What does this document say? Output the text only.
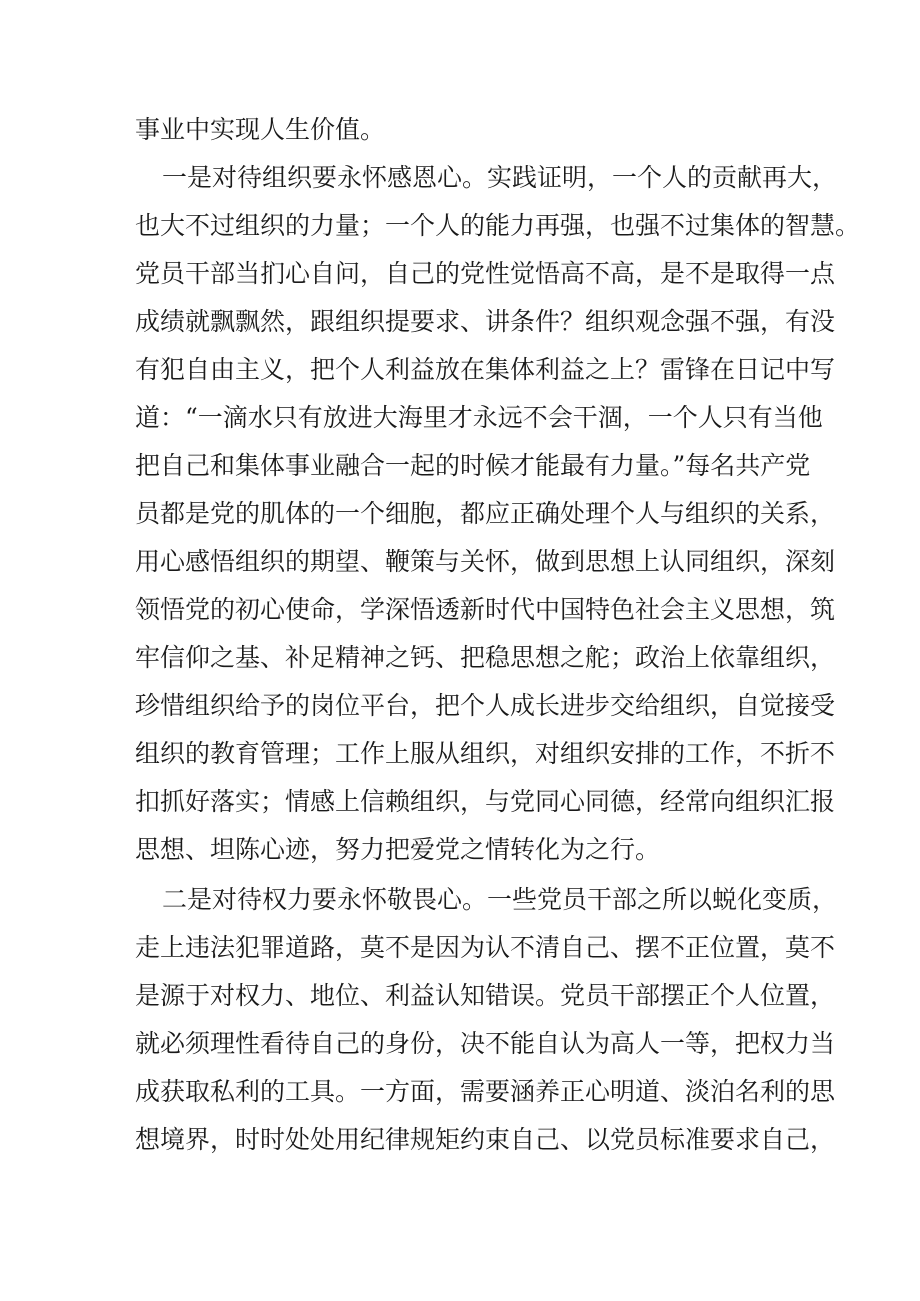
事业中实现人生价值。
一是对待组织要永怀感恩心。实践证明，一个人的贡献再大，
也大不过组织的力量；一个人的能力再强，也强不过集体的智慧。
党员干部当扪心自问，自己的党性觉悟高不高，是不是取得一点
成绩就飘飘然，跟组织提要求、讲条件？组织观念强不强，有没
有犯自由主义，把个人利益放在集体利益之上？雷锋在日记中写
道：“一滴水只有放进大海里才永远不会干涸，一个人只有当他
把自己和集体事业融合一起的时候才能最有力量。”每名共产党
员都是党的肌体的一个细胞，都应正确处理个人与组织的关系，
用心感悟组织的期望、鞭策与关怀，做到思想上认同组织，深刻
领悟党的初心使命，学深悟透新时代中国特色社会主义思想，筑
牢信仰之基、补足精神之钙、把稳思想之舵；政治上依靠组织，
珍惜组织给予的岗位平台，把个人成长进步交给组织，自觉接受
组织的教育管理；工作上服从组织，对组织安排的工作，不折不
扣抓好落实；情感上信赖组织，与党同心同德，经常向组织汇报
思想、坦陈心迹，努力把爱党之情转化为之行。
二是对待权力要永怀敬畏心。一些党员干部之所以蜕化变质，
走上违法犯罪道路，莫不是因为认不清自己、摆不正位置，莫不
是源于对权力、地位、利益认知错误。党员干部摆正个人位置，
就必须理性看待自己的身份，决不能自认为高人一等，把权力当
成获取私利的工具。一方面，需要涵养正心明道、淡泊名利的思
想境界，时时处处用纪律规矩约束自己、以党员标准要求自己，
